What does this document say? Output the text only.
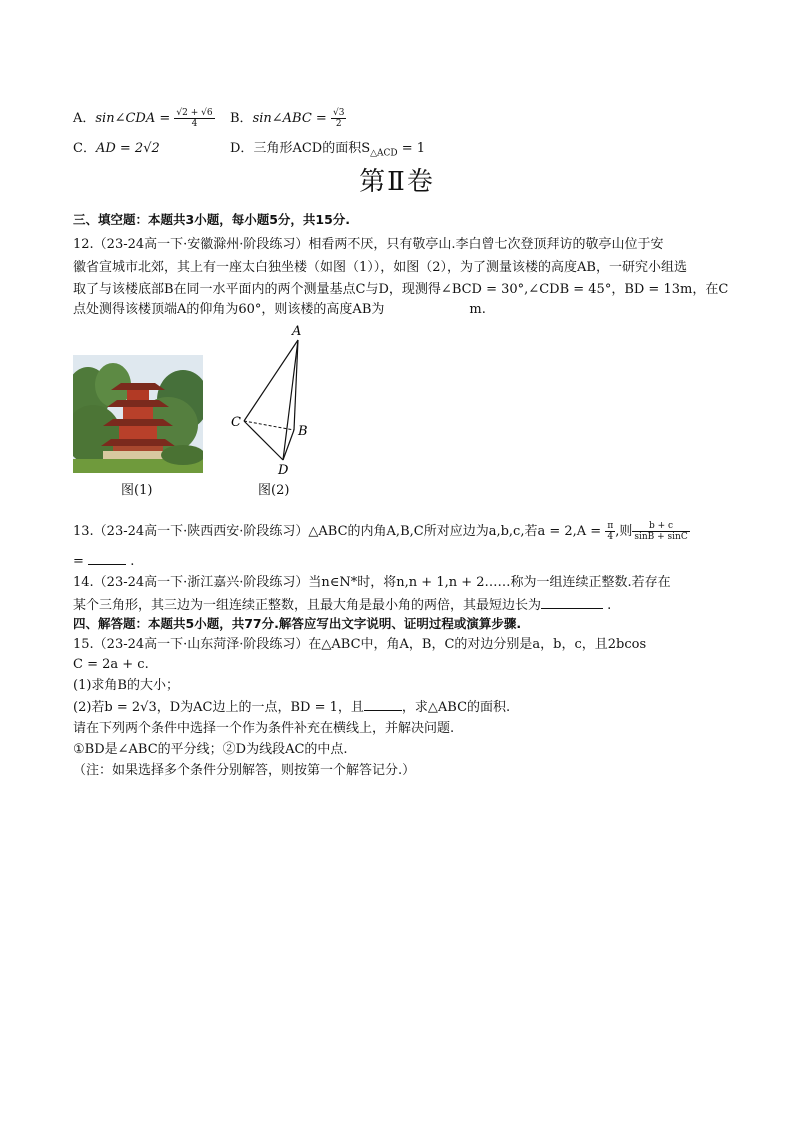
A．sin∠CDA = $\frac{√2 + √6}{4}$ B．sin∠ABC = $\frac{√3}{2}$
C．AD = 2√2	D．三角形ACD的面积$S_{\triangle ACD} = 1$
第Ⅱ卷
三、填空题：本题共3小题，每小题5分，共15分.
12.（23-24高一下·安徽滁州·阶段练习）相看两不厌，只有敬亭山.李白曾七次登顶拜访的敬亭山位于安
徽省宣城市北郊，其上有一座太白独坐楼（如图（1）），如图（2），为了测量该楼的高度AB，一研究小组选
取了与该楼底部B在同一水平面内的两个测量基点C与D，现测得∠BCD = 30°,∠CDB = 45°，BD = 13m，在C
点处测得该楼顶端A的仰角为60°，则该楼的高度AB为	m.
A
C
B
D
图(1)	图(2)
13.（23-24高一下·陕西西安·阶段练习）△ABC的内角A,B,C所对应边为a,b,c,若$a = 2,A = \frac{\pi}{4}$ ,则 $\frac{b + c}{\sin B + \sin C}$
=	.
14.（23-24高一下·浙江嘉兴·阶段练习）当n∈N*时，将n,n + 1,n + 2……称为一组连续正整数.若存在
某个三角形，其三边为一组连续正整数，且最大角是最小角的两倍，其最短边长为	.
四、解答题：本题共5小题，共77分.解答应写出文字说明、证明过程或演算步骤.
15.（23-24高一下·山东菏泽·阶段练习）在△ABC中，角A，B，C的对边分别是a，b，c，且2bcos
C = 2a + c.
(1)求角B的大小；
(2)若b = 2√3，D为AC边上的一点，BD = 1，且	，求△ABC的面积.
请在下列两个条件中选择一个作为条件补充在横线上，并解决问题.
①BD是∠ABC的平分线；②D为线段AC的中点.
（注：如果选择多个条件分别解答，则按第一个解答记分.）
